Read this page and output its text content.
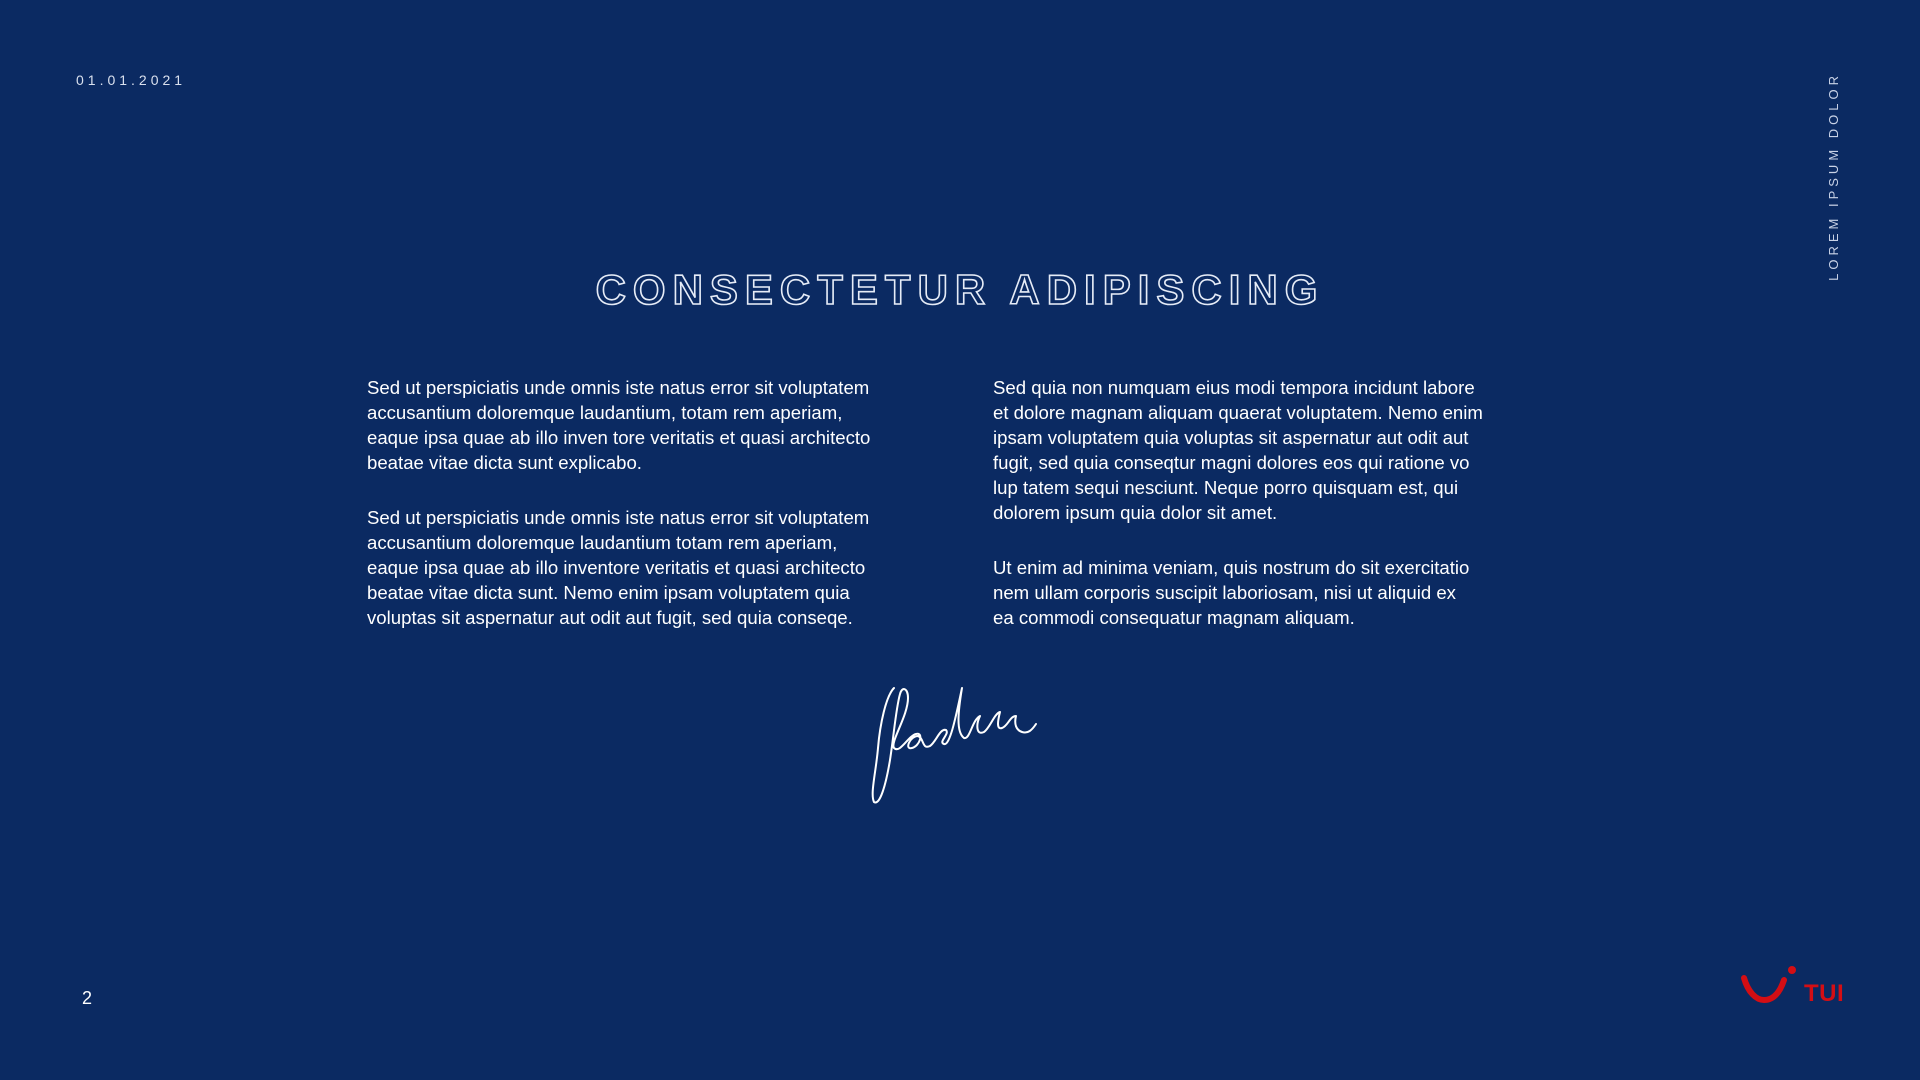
01.01.2021	LOREM IPSUM DOLOR
CONSECTETUR ADIPISCING

Sed ut perspiciatis unde omnis iste natus error sit voluptatem
accusantium doloremque laudantium, totam rem aperiam,
eaque ipsa quae ab illo inven tore veritatis et quasi architecto
beatae vitae dicta sunt explicabo.

Sed ut perspiciatis unde omnis iste natus error sit voluptatem
accusantium doloremque laudantium totam rem aperiam,
eaque ipsa quae ab illo inventore veritatis et quasi architecto
beatae vitae dicta sunt. Nemo enim ipsam voluptatem quia
voluptas sit aspernatur aut odit aut fugit, sed quia conseqe.

Sed quia non numquam eius modi tempora incidunt labore
et dolore magnam aliquam quaerat voluptatem. Nemo enim
ipsam voluptatem quia voluptas sit aspernatur aut odit aut
fugit, sed quia conseqtur magni dolores eos qui ratione vo
lup tatem sequi nesciunt. Neque porro quisquam est, qui
dolorem ipsum quia dolor sit amet.

Ut enim ad minima veniam, quis nostrum do sit exercitatio
nem ullam corporis suscipit laboriosam, nisi ut aliquid ex
ea commodi consequatur magnam aliquam.

2	TUI
